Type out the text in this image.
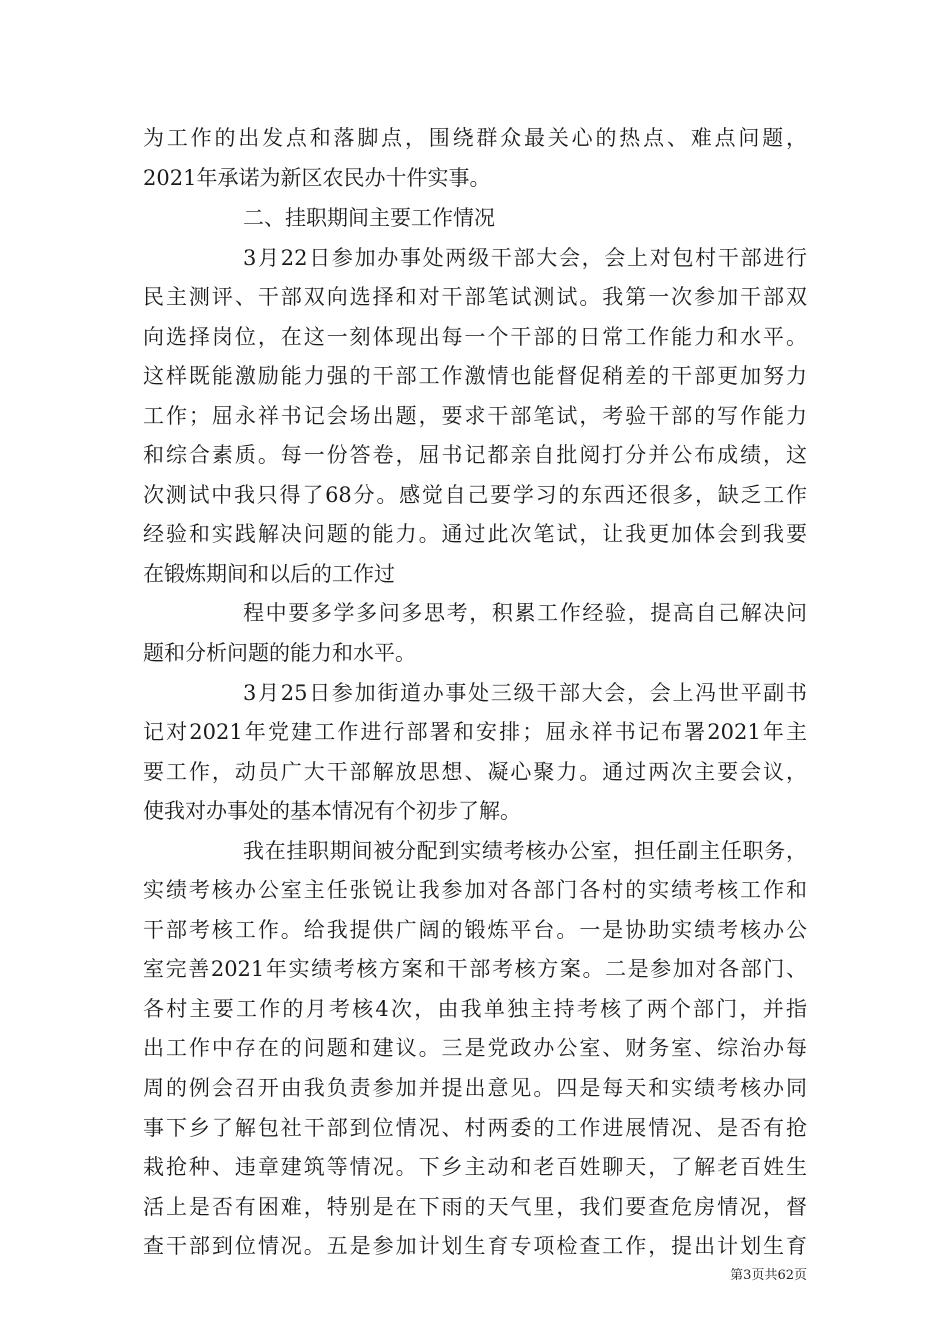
为工作的出发点和落脚点，围绕群众最关心的热点、难点问题，
2021年承诺为新区农民办十件实事。
二、挂职期间主要工作情况
3月22日参加办事处两级干部大会，会上对包村干部进行
民主测评、干部双向选择和对干部笔试测试。我第一次参加干部双
向选择岗位，在这一刻体现出每一个干部的日常工作能力和水平。
这样既能激励能力强的干部工作激情也能督促稍差的干部更加努力
工作；屈永祥书记会场出题，要求干部笔试，考验干部的写作能力
和综合素质。每一份答卷，屈书记都亲自批阅打分并公布成绩，这
次测试中我只得了68分。感觉自己要学习的东西还很多，缺乏工作
经验和实践解决问题的能力。通过此次笔试，让我更加体会到我要
在锻炼期间和以后的工作过
程中要多学多问多思考，积累工作经验，提高自己解决问
题和分析问题的能力和水平。
3月25日参加街道办事处三级干部大会，会上冯世平副书
记对2021年党建工作进行部署和安排；屈永祥书记布署2021年主
要工作，动员广大干部解放思想、凝心聚力。通过两次主要会议，
使我对办事处的基本情况有个初步了解。
我在挂职期间被分配到实绩考核办公室，担任副主任职务，
实绩考核办公室主任张锐让我参加对各部门各村的实绩考核工作和
干部考核工作。给我提供广阔的锻炼平台。一是协助实绩考核办公
室完善2021年实绩考核方案和干部考核方案。二是参加对各部门、
各村主要工作的月考核4次，由我单独主持考核了两个部门，并指
出工作中存在的问题和建议。三是党政办公室、财务室、综治办每
周的例会召开由我负责参加并提出意见。四是每天和实绩考核办同
事下乡了解包社干部到位情况、村两委的工作进展情况、是否有抢
栽抢种、违章建筑等情况。下乡主动和老百姓聊天，了解老百姓生
活上是否有困难，特别是在下雨的天气里，我们要查危房情况，督
查干部到位情况。五是参加计划生育专项检查工作，提出计划生育
第3页共62页
